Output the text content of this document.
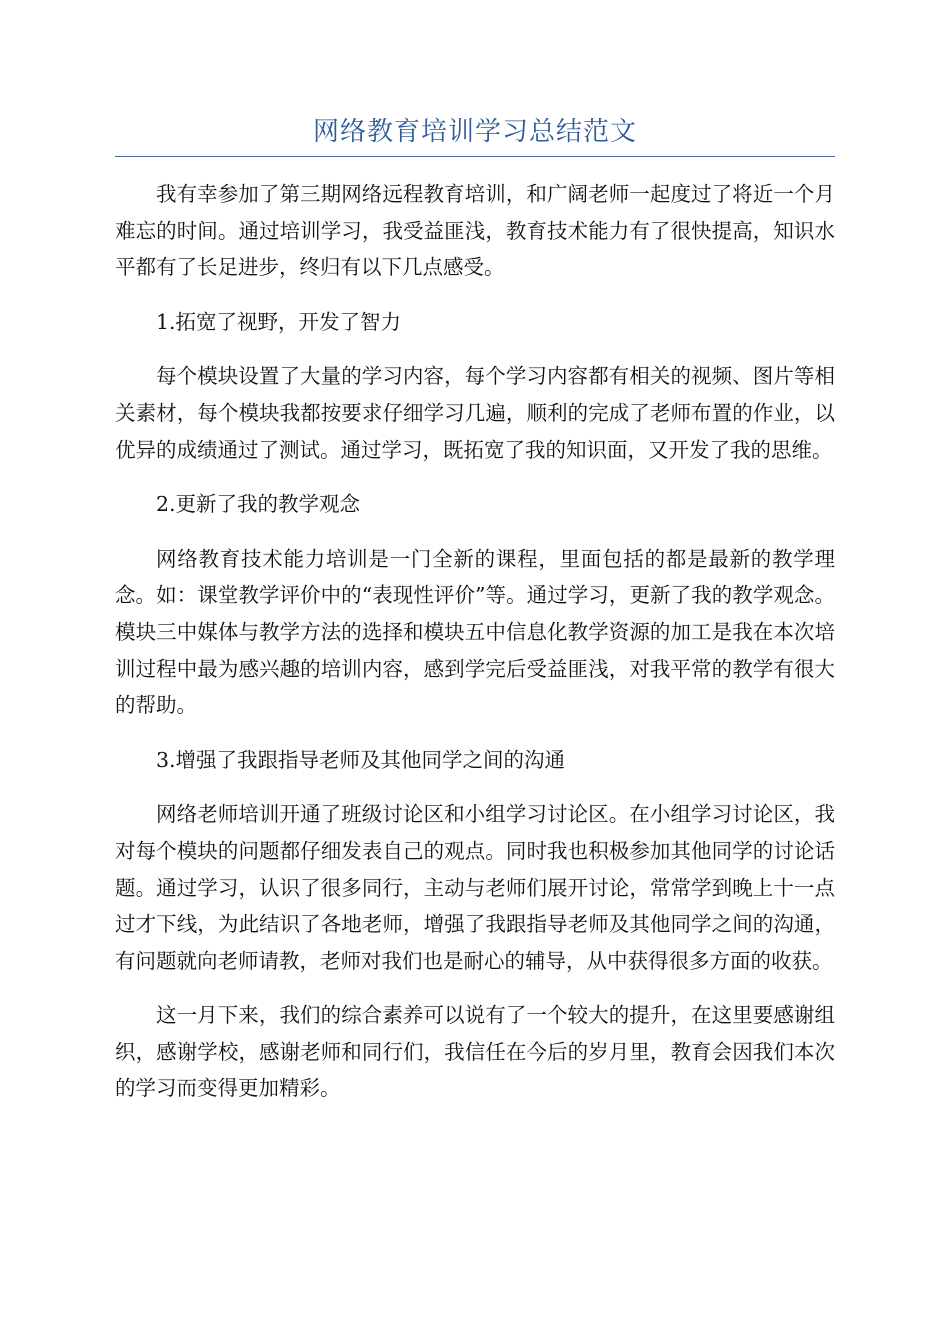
网络教育培训学习总结范文

我有幸参加了第三期网络远程教育培训，和广阔老师一起度过了将近一个月难忘的时间。通过培训学习，我受益匪浅，教育技术能力有了很快提高，知识水平都有了长足进步，终归有以下几点感受。

1.拓宽了视野，开发了智力

每个模块设置了大量的学习内容，每个学习内容都有相关的视频、图片等相关素材，每个模块我都按要求仔细学习几遍，顺利的完成了老师布置的作业，以优异的成绩通过了测试。通过学习，既拓宽了我的知识面，又开发了我的思维。

2.更新了我的教学观念

网络教育技术能力培训是一门全新的课程，里面包括的都是最新的教学理念。如：课堂教学评价中的“表现性评价”等。通过学习，更新了我的教学观念。模块三中媒体与教学方法的选择和模块五中信息化教学资源的加工是我在本次培训过程中最为感兴趣的培训内容，感到学完后受益匪浅，对我平常的教学有很大的帮助。

3.增强了我跟指导老师及其他同学之间的沟通

网络老师培训开通了班级讨论区和小组学习讨论区。在小组学习讨论区，我对每个模块的问题都仔细发表自己的观点。同时我也积极参加其他同学的讨论话题。通过学习，认识了很多同行，主动与老师们展开讨论，常常学到晚上十一点过才下线，为此结识了各地老师，增强了我跟指导老师及其他同学之间的沟通，有问题就向老师请教，老师对我们也是耐心的辅导，从中获得很多方面的收获。

这一月下来，我们的综合素养可以说有了一个较大的提升，在这里要感谢组织，感谢学校，感谢老师和同行们，我信任在今后的岁月里，教育会因我们本次的学习而变得更加精彩。
